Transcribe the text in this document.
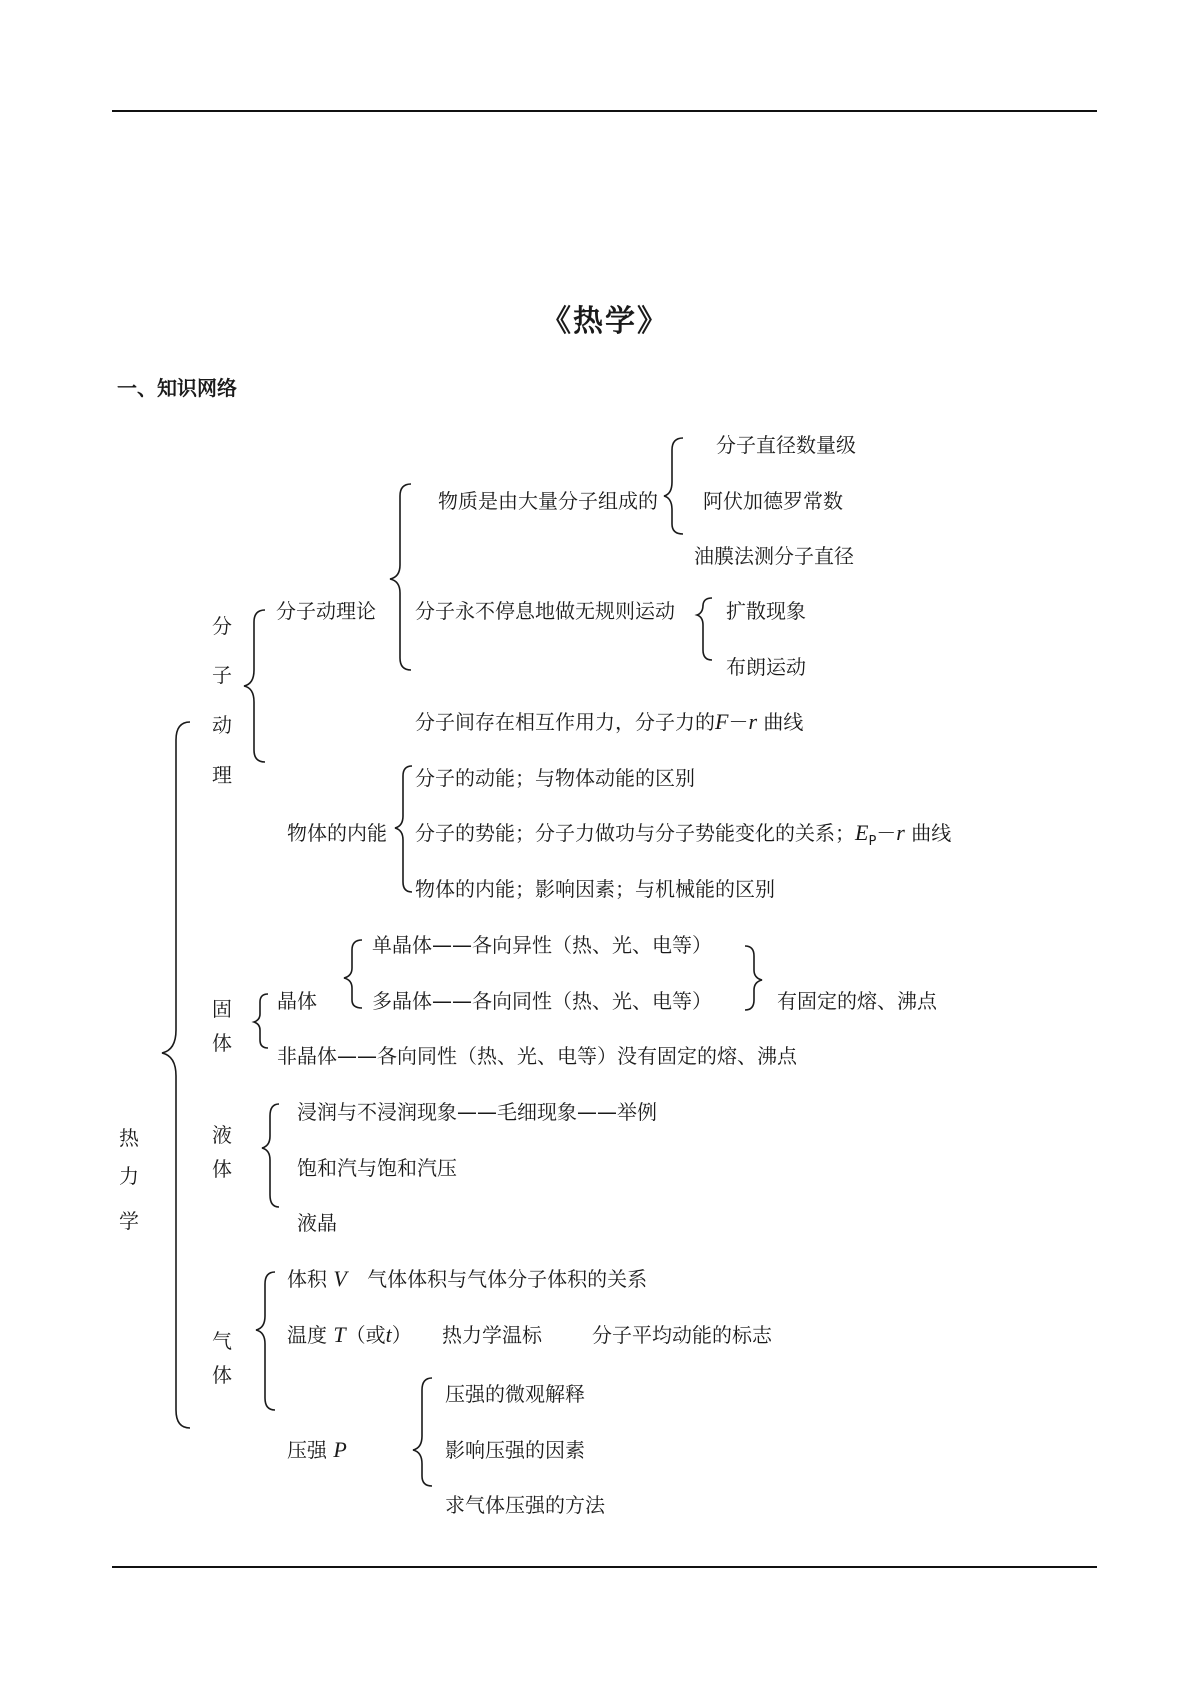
《热学》
一、知识网络
热
力
学
分
子
动
理
分子动理论
物质是由大量分子组成的
分子直径数量级
阿伏加德罗常数
油膜法测分子直径
分子永不停息地做无规则运动	扩散现象
布朗运动
分子间存在相互作用力，分子力的F－r 曲线
物体的内能
分子的动能；与物体动能的区别
分子的势能；分子力做功与分子势能变化的关系；$E_P-r$ 曲线
物体的内能；影响因素；与机械能的区别
固
体
晶体
单晶体——各向异性（热、光、电等）
多晶体——各向同性（热、光、电等）	有固定的熔、沸点
非晶体——各向同性（热、光、电等）没有固定的熔、沸点
液
体
浸润与不浸润现象——毛细现象——举例
饱和汽与饱和汽压
液晶
气
体
体积 V 气体体积与气体分子体积的关系
温度 T（或t） 热力学温标	分子平均动能的标志
压强 P
压强的微观解释
影响压强的因素
求气体压强的方法
